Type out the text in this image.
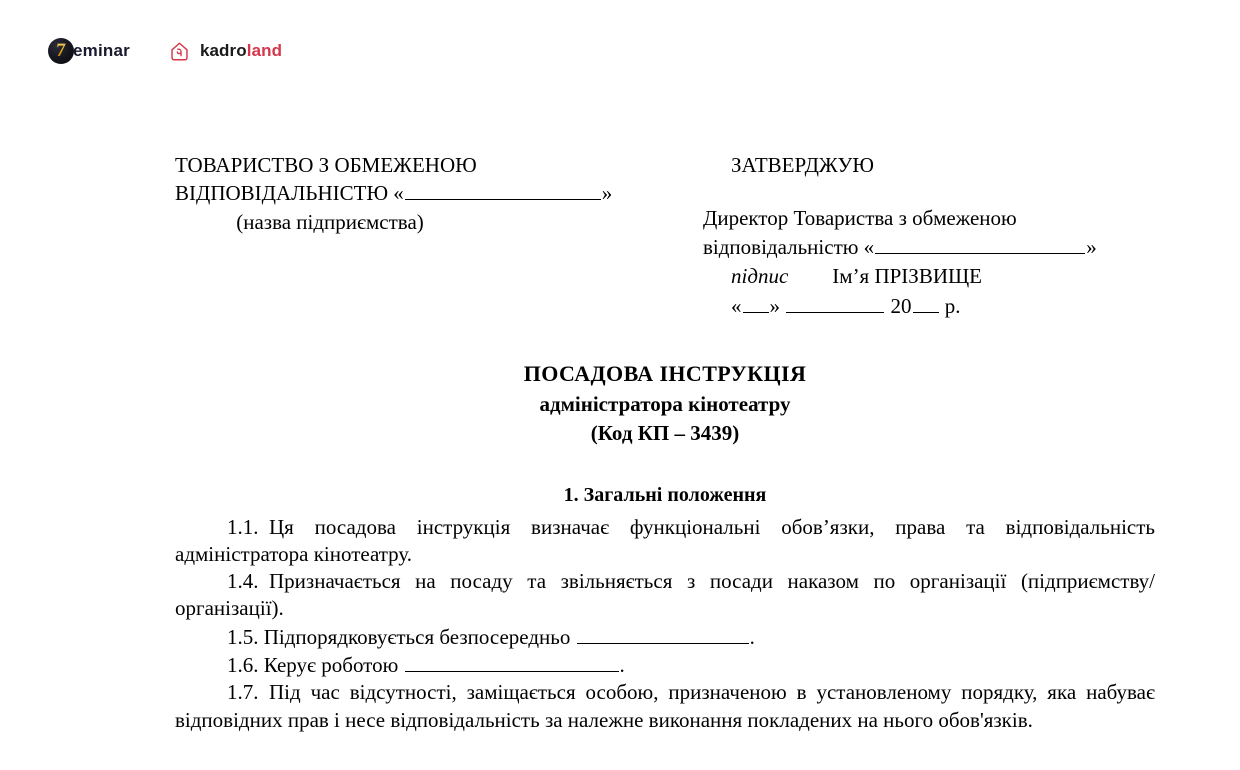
7 eminar	kadroland
ТОВАРИСТВО З ОБМЕЖЕНОЮ
ВІДПОВІДАЛЬНІСТЮ «	»
(назва підприємства)
ЗАТВЕРДЖУЮ
Директор Товариства з обмеженою
відповідальністю «	»
підпис Ім’я ПРІЗВИЩЕ
« »	20 р.
ПОСАДОВА ІНСТРУКЦІЯ
адміністратора кінотеатру
(Код КП – 3439)
1. Загальні положення

1.1. Ця посадова інструкція визначає функціональні обов’язки, права та відповідальність адміністратора кінотеатру.

1.4. Призначається на посаду та звільняється з посади наказом по організації (підприємству/організації).

1.5. Підпорядковується безпосередньо	.

1.6. Керує роботою	.

1.7. Під час відсутності, заміщається особою, призначеною в установленому порядку, яка набуває відповідних прав і несе відповідальність за належне виконання покладених на нього обов'язків.
